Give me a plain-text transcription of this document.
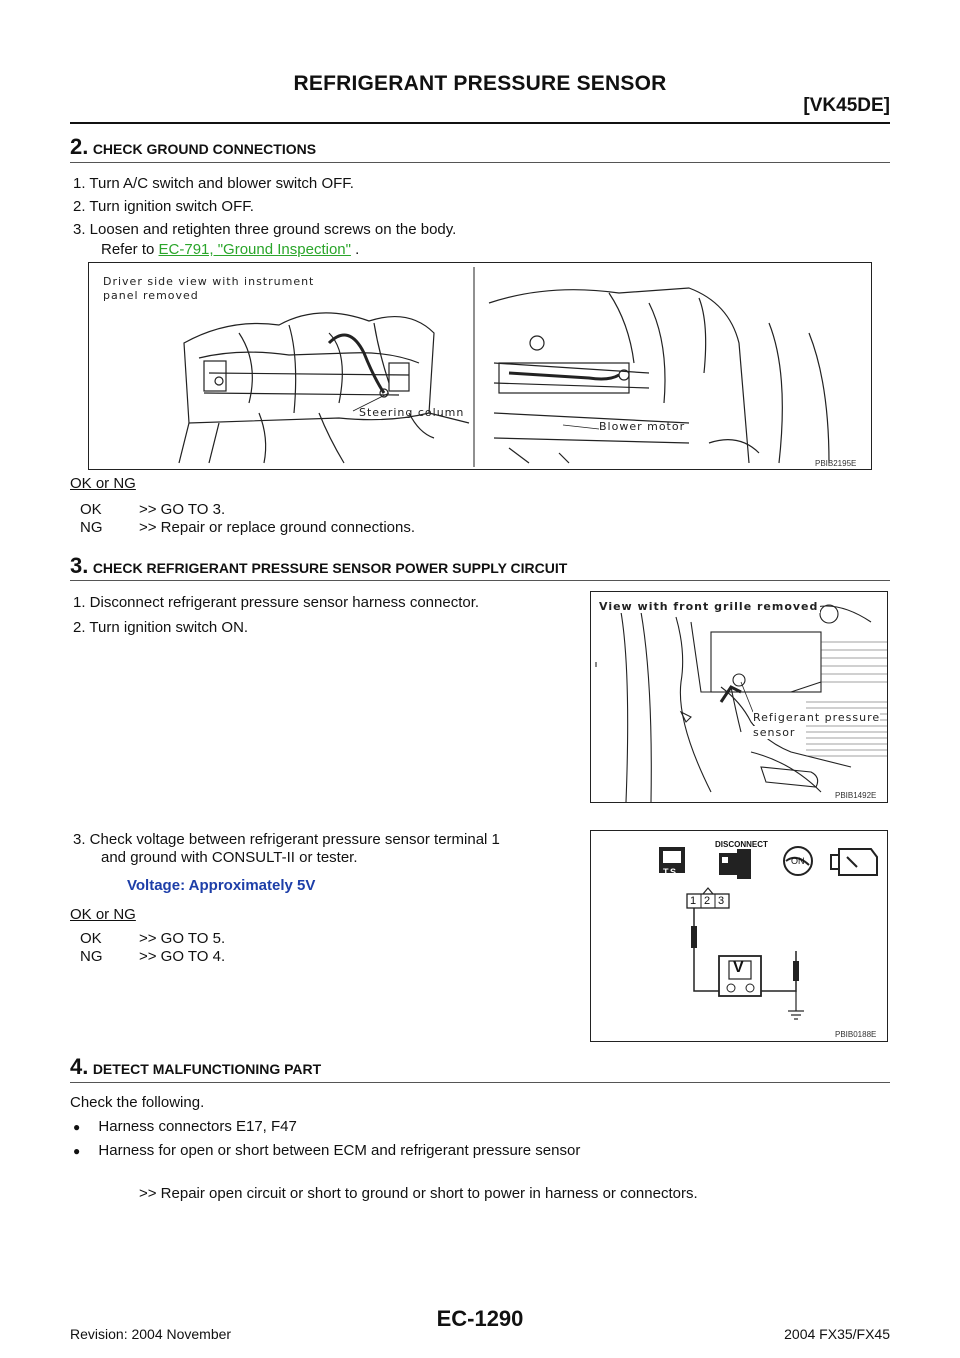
REFRIGERANT PRESSURE SENSOR
[VK45DE]
2. CHECK GROUND CONNECTIONS
1. Turn A/C switch and blower switch OFF.
2. Turn ignition switch OFF.
3. Loosen and retighten three ground screws on the body.
Refer to EC-791, "Ground Inspection" .
Driver side view with instrument
panel removed
Steering column
Blower motor
PBIB2195E
OK or NG
OK >> GO TO 3.
NG >> Repair or replace ground connections.
3. CHECK REFRIGERANT PRESSURE SENSOR POWER SUPPLY CIRCUIT
1. Disconnect refrigerant pressure sensor harness connector.
2. Turn ignition switch ON.
View with front grille removed
Refigerant pressure
sensor
PBIB1492E
3. Check voltage between refrigerant pressure sensor terminal 1
and ground with CONSULT-II or tester.
Voltage: Approximately 5V
T.S.
DISCONNECT
ON
1 2 3
V
PBIB0188E
OK or NG
OK >> GO TO 5.
NG >> GO TO 4.
4. DETECT MALFUNCTIONING PART
Check the following.
● Harness connectors E17, F47
● Harness for open or short between ECM and refrigerant pressure sensor
>> Repair open circuit or short to ground or short to power in harness or connectors.
Revision: 2004 November
EC-1290
2004 FX35/FX45
